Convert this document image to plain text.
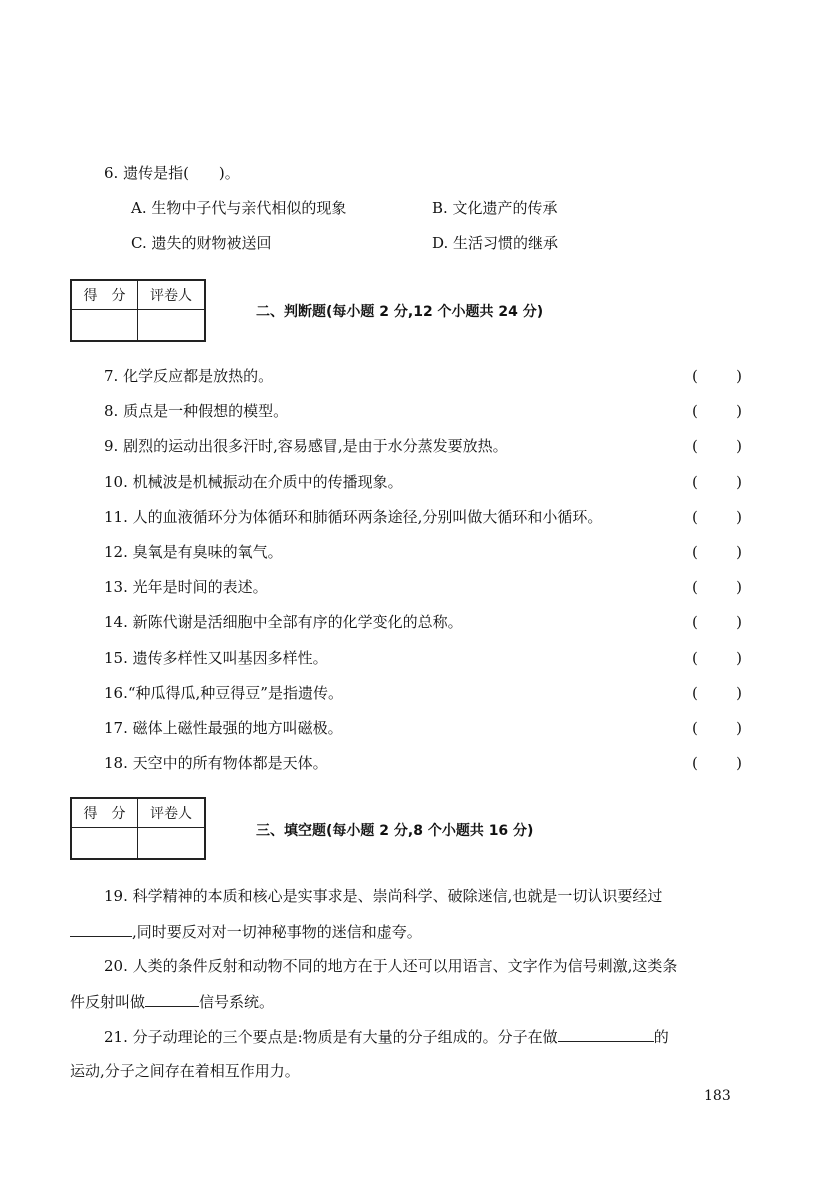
6. 遗传是指(　　)。
A. 生物中子代与亲代相似的现象	B. 文化遗产的传承
C. 遗失的财物被送回	D. 生活习惯的继承
得　分	评卷人
二、判断题(每小题 2 分,12 个小题共 24 分)
7. 化学反应都是放热的。	(	)
8. 质点是一种假想的模型。	(	)
9. 剧烈的运动出很多汗时,容易感冒,是由于水分蒸发要放热。	(	)
10. 机械波是机械振动在介质中的传播现象。	(	)
11. 人的血液循环分为体循环和肺循环两条途径,分别叫做大循环和小循环。	(	)
12. 臭氧是有臭味的氧气。	(	)
13. 光年是时间的表述。	(	)
14. 新陈代谢是活细胞中全部有序的化学变化的总称。	(	)
15. 遗传多样性又叫基因多样性。	(	)
16.“种瓜得瓜,种豆得豆”是指遗传。	(	)
17. 磁体上磁性最强的地方叫磁极。	(	)
18. 天空中的所有物体都是天体。	(	)
得　分	评卷人
三、填空题(每小题 2 分,8 个小题共 16 分)
19. 科学精神的本质和核心是实事求是、崇尚科学、破除迷信,也就是一切认识要经过
,同时要反对对一切神秘事物的迷信和虚夸。
20. 人类的条件反射和动物不同的地方在于人还可以用语言、文字作为信号刺激,这类条
件反射叫做	信号系统。
21. 分子动理论的三个要点是:物质是有大量的分子组成的。分子在做	的
运动,分子之间存在着相互作用力。
183
